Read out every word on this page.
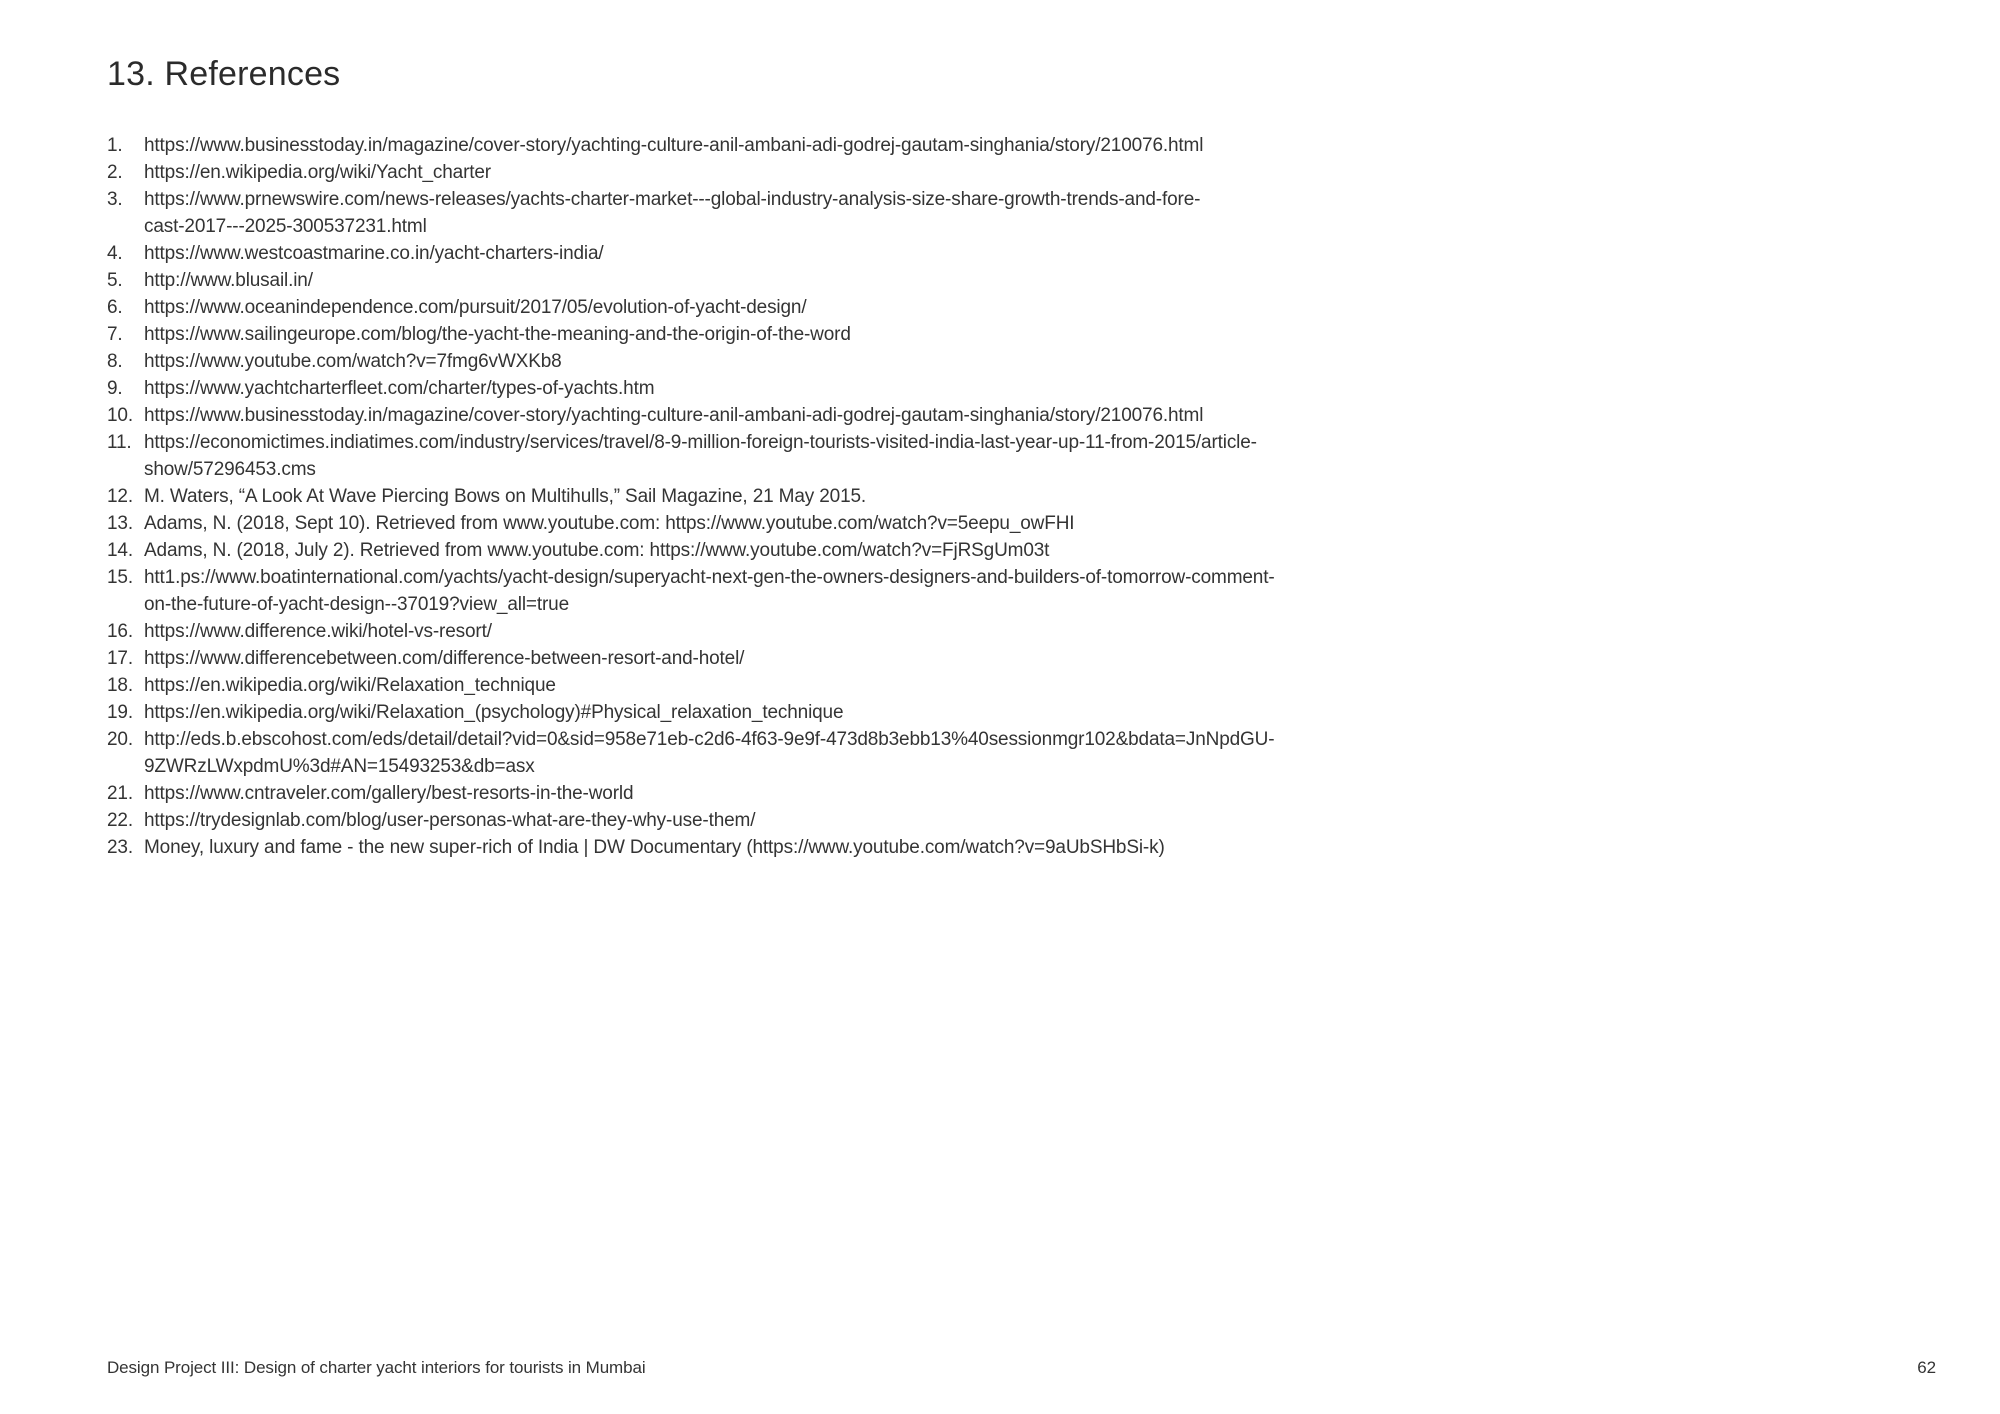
13. References
1.	https://www.businesstoday.in/magazine/cover-story/yachting-culture-anil-ambani-adi-godrej-gautam-singhania/story/210076.html
2.	https://en.wikipedia.org/wiki/Yacht_charter
3.	https://www.prnewswire.com/news-releases/yachts-charter-market---global-industry-analysis-size-share-growth-trends-and-fore-
cast-2017---2025-300537231.html
4.	https://www.westcoastmarine.co.in/yacht-charters-india/
5.	http://www.blusail.in/
6.	https://www.oceanindependence.com/pursuit/2017/05/evolution-of-yacht-design/
7.	https://www.sailingeurope.com/blog/the-yacht-the-meaning-and-the-origin-of-the-word
8.	https://www.youtube.com/watch?v=7fmg6vWXKb8
9.	https://www.yachtcharterfleet.com/charter/types-of-yachts.htm
10. https://www.businesstoday.in/magazine/cover-story/yachting-culture-anil-ambani-adi-godrej-gautam-singhania/story/210076.html
11. https://economictimes.indiatimes.com/industry/services/travel/8-9-million-foreign-tourists-visited-india-last-year-up-11-from-2015/article-
show/57296453.cms
12. M. Waters, “A Look At Wave Piercing Bows on Multihulls,” Sail Magazine, 21 May 2015.
13. Adams, N. (2018, Sept 10). Retrieved from www.youtube.com: https://www.youtube.com/watch?v=5eepu_owFHI
14. Adams, N. (2018, July 2). Retrieved from www.youtube.com: https://www.youtube.com/watch?v=FjRSgUm03t
15. htt1.ps://www.boatinternational.com/yachts/yacht-design/superyacht-next-gen-the-owners-designers-and-builders-of-tomorrow-comment-
on-the-future-of-yacht-design--37019?view_all=true
16. https://www.difference.wiki/hotel-vs-resort/
17. https://www.differencebetween.com/difference-between-resort-and-hotel/
18. https://en.wikipedia.org/wiki/Relaxation_technique
19. https://en.wikipedia.org/wiki/Relaxation_(psychology)#Physical_relaxation_technique
20. http://eds.b.ebscohost.com/eds/detail/detail?vid=0&sid=958e71eb-c2d6-4f63-9e9f-473d8b3ebb13%40sessionmgr102&bdata=JnNpdGU-
9ZWRzLWxpdmU%3d#AN=15493253&db=asx
21. https://www.cntraveler.com/gallery/best-resorts-in-the-world
22. https://trydesignlab.com/blog/user-personas-what-are-they-why-use-them/
23. Money, luxury and fame - the new super-rich of India | DW Documentary (https://www.youtube.com/watch?v=9aUbSHbSi-k)
Design Project III: Design of charter yacht interiors for tourists in Mumbai	62
